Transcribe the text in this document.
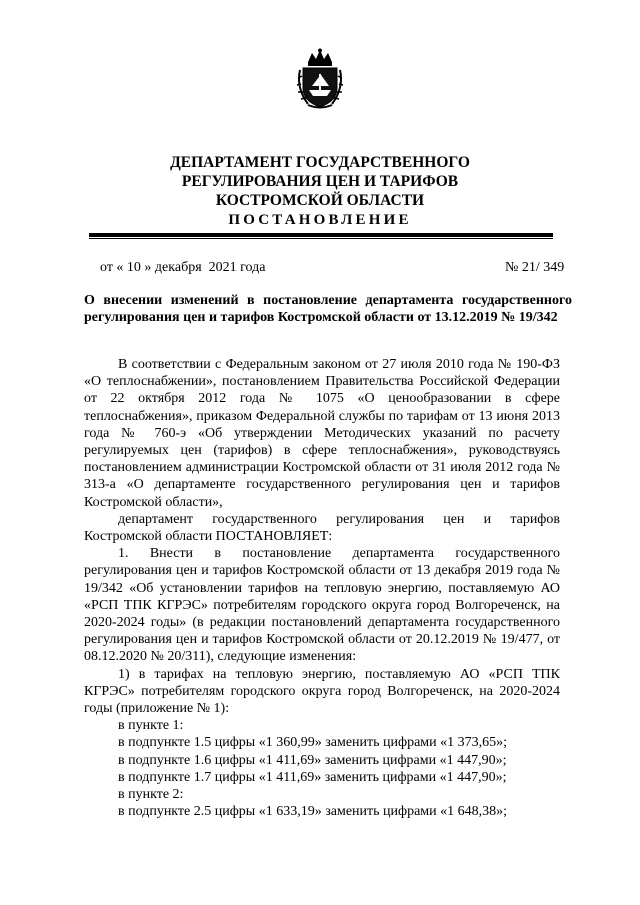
ДЕПАРТАМЕНТ ГОСУДАРСТВЕННОГО
РЕГУЛИРОВАНИЯ ЦЕН И ТАРИФОВ
КОСТРОМСКОЙ ОБЛАСТИ
ПОСТАНОВЛЕНИЕ
от « 10 » декабря  2021 года	№ 21/ 349
О внесении изменений в постановление департамента государственного регулирования цен и тарифов Костромской области от 13.12.2019 № 19/342

В соответствии с Федеральным законом от 27 июля 2010 года № 190-ФЗ «О теплоснабжении», постановлением Правительства Российской Федерации от 22 октября 2012 года № 1075 «О ценообразовании в сфере теплоснабжения», приказом Федеральной службы по тарифам от 13 июня 2013 года № 760-э «Об утверждении Методических указаний по расчету регулируемых цен (тарифов) в сфере теплоснабжения», руководствуясь постановлением администрации Костромской области от 31 июля 2012 года № 313-а «О департаменте государственного регулирования цен и тарифов Костромской области»,

департамент государственного регулирования цен и тарифов Костромской области ПОСТАНОВЛЯЕТ:

1. Внести в постановление департамента государственного регулирования цен и тарифов Костромской области от 13 декабря 2019 года № 19/342 «Об установлении тарифов на тепловую энергию, поставляемую АО «РСП ТПК КГРЭС» потребителям городского округа город Волгореченск, на 2020-2024 годы» (в редакции постановлений департамента государственного регулирования цен и тарифов Костромской области от 20.12.2019 № 19/477, от 08.12.2020 № 20/311), следующие изменения:

1) в тарифах на тепловую энергию, поставляемую АО «РСП ТПК КГРЭС» потребителям городского округа город Волгореченск, на 2020-2024 годы (приложение № 1):

в пункте 1:

в подпункте 1.5 цифры «1 360,99» заменить цифрами «1 373,65»;

в подпункте 1.6 цифры «1 411,69» заменить цифрами «1 447,90»;

в подпункте 1.7 цифры «1 411,69» заменить цифрами «1 447,90»;

в пункте 2:

в подпункте 2.5 цифры «1 633,19» заменить цифрами «1 648,38»;
